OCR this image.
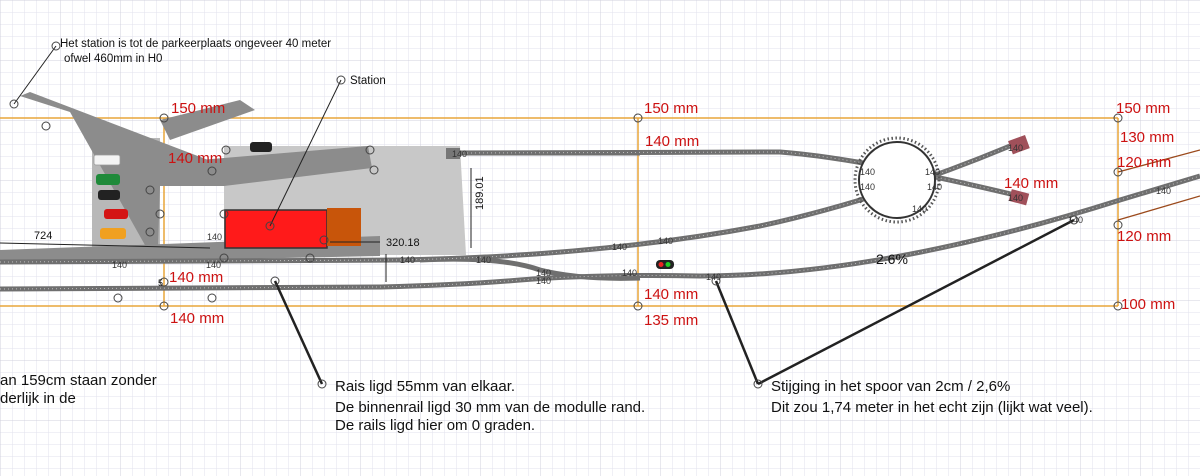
Het station is tot de parkeerplaats ongeveer 40 meter
ofwel 460mm in H0
Station
an 159cm staan zonder
derlijk in de
Rais ligd 55mm van elkaar.
De binnenrail ligd 30 mm van de modulle rand.
De rails ligd hier om 0 graden.
Stijging in het spoor van 2cm / 2,6%
Dit zou 1,74 meter in het echt zijn (lijkt wat veel).
150 mm	150 mm	150 mm
140 mm
140 mm	130 mm
120 mm
140 mm
120 mm
140 mm
140 mm
140 mm
135 mm
100 mm
724
320.18
189.01
2.6%
5
140	140	140	140
140
140
140
140
140
140
140
140
140
140
140
140
140
140
140
140
140
